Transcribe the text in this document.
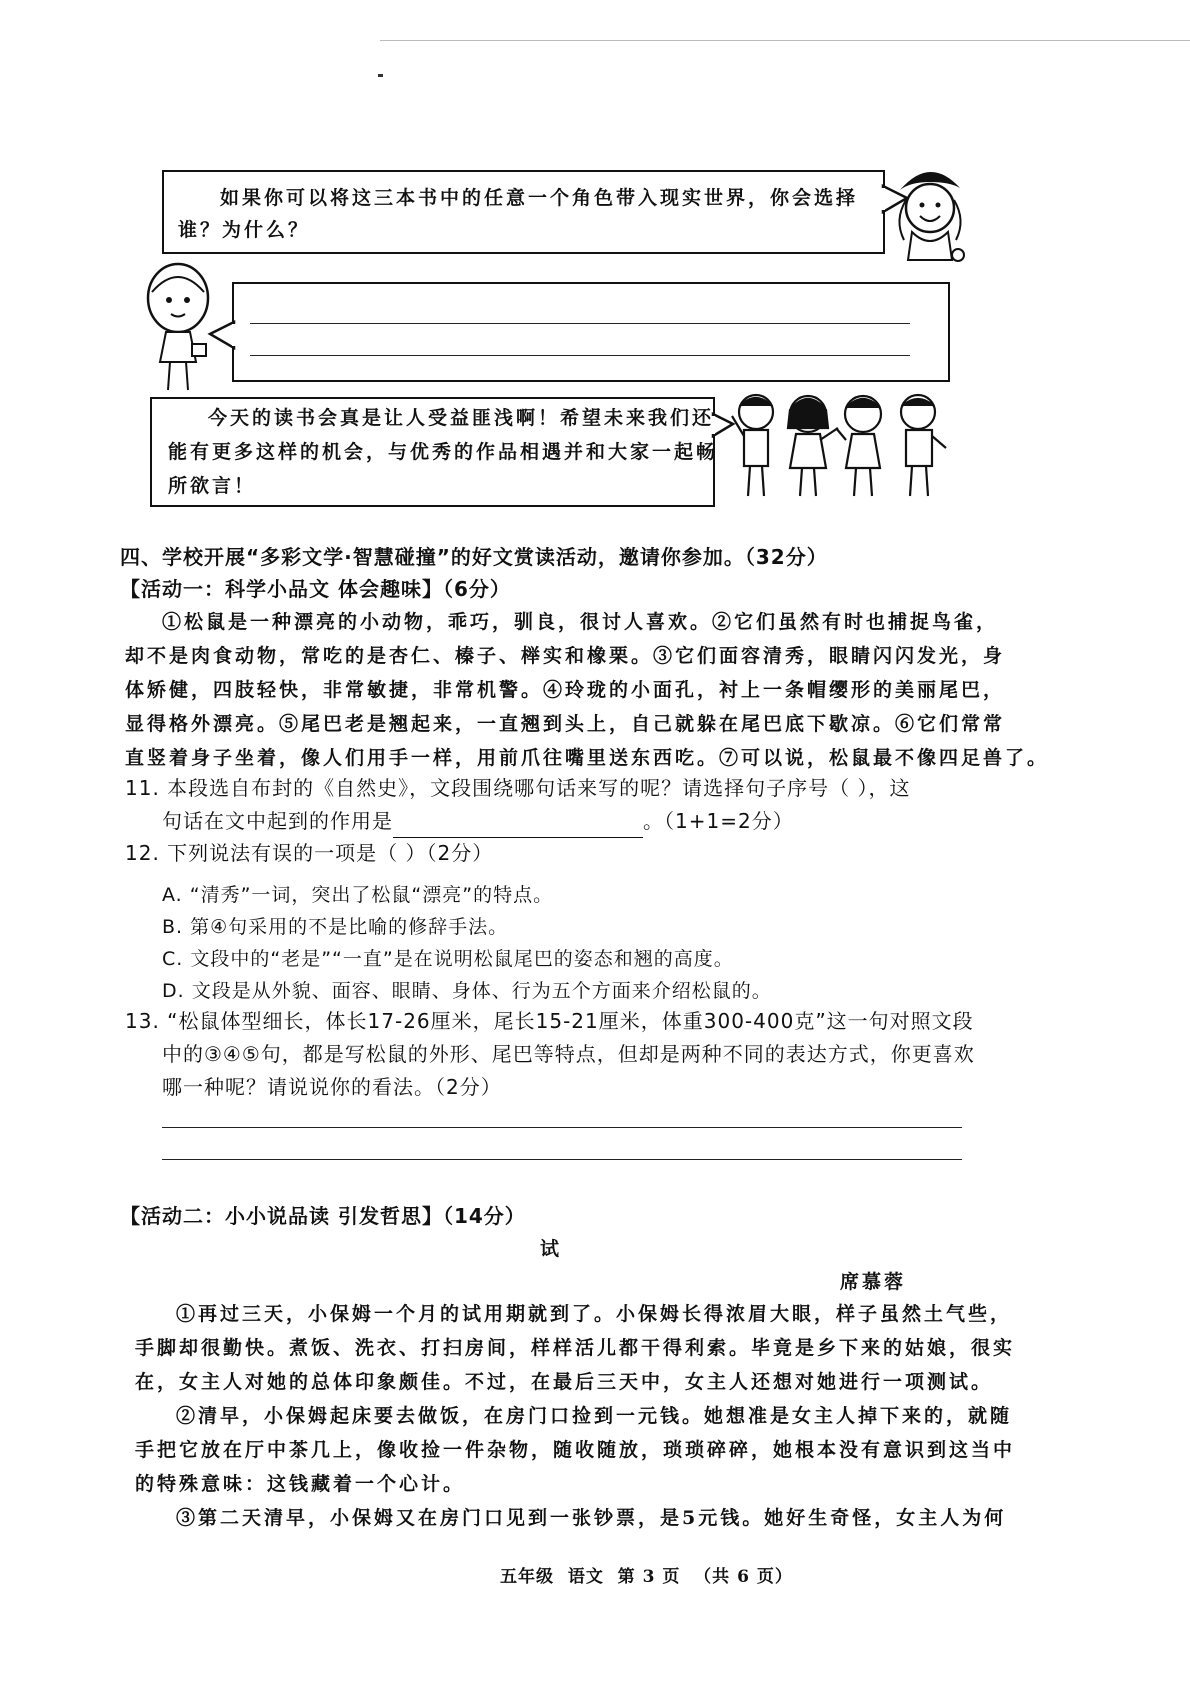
如果你可以将这三本书中的任意一个角色带入现实世界，你会选择
谁？为什么？
今天的读书会真是让人受益匪浅啊！希望未来我们还
能有更多这样的机会，与优秀的作品相遇并和大家一起畅
所欲言！
四、学校开展“多彩文学·智慧碰撞”的好文赏读活动，邀请你参加。（32分）
【活动一：科学小品文 体会趣味】（6分）
①松鼠是一种漂亮的小动物，乖巧，驯良，很讨人喜欢。②它们虽然有时也捕捉鸟雀，
却不是肉食动物，常吃的是杏仁、榛子、榉实和橡栗。③它们面容清秀，眼睛闪闪发光，身
体矫健，四肢轻快，非常敏捷，非常机警。④玲珑的小面孔，衬上一条帽缨形的美丽尾巴，
显得格外漂亮。⑤尾巴老是翘起来，一直翘到头上，自己就躲在尾巴底下歇凉。⑥它们常常
直竖着身子坐着，像人们用手一样，用前爪往嘴里送东西吃。⑦可以说，松鼠最不像四足兽了。
11. 本段选自布封的《自然史》，文段围绕哪句话来写的呢？请选择句子序号（ ），这
句话在文中起到的作用是	。（1+1=2分）
12. 下列说法有误的一项是（ ）（2分）
A. “清秀”一词，突出了松鼠“漂亮”的特点。
B. 第④句采用的不是比喻的修辞手法。
C. 文段中的“老是”“一直”是在说明松鼠尾巴的姿态和翘的高度。
D. 文段是从外貌、面容、眼睛、身体、行为五个方面来介绍松鼠的。
13. “松鼠体型细长，体长17-26厘米，尾长15-21厘米，体重300-400克”这一句对照文段
中的③④⑤句，都是写松鼠的外形、尾巴等特点，但却是两种不同的表达方式，你更喜欢
哪一种呢？请说说你的看法。（2分）
【活动二：小小说品读 引发哲思】（14分）
试
席慕蓉
①再过三天，小保姆一个月的试用期就到了。小保姆长得浓眉大眼，样子虽然土气些，
手脚却很勤快。煮饭、洗衣、打扫房间，样样活儿都干得利索。毕竟是乡下来的姑娘，很实
在，女主人对她的总体印象颇佳。不过，在最后三天中，女主人还想对她进行一项测试。
②清早，小保姆起床要去做饭，在房门口捡到一元钱。她想准是女主人掉下来的，就随
手把它放在厅中茶几上，像收捡一件杂物，随收随放，琐琐碎碎，她根本没有意识到这当中
的特殊意味：这钱藏着一个心计。
③第二天清早，小保姆又在房门口见到一张钞票，是5元钱。她好生奇怪，女主人为何
五年级  语文  第 3 页  （共 6 页）
